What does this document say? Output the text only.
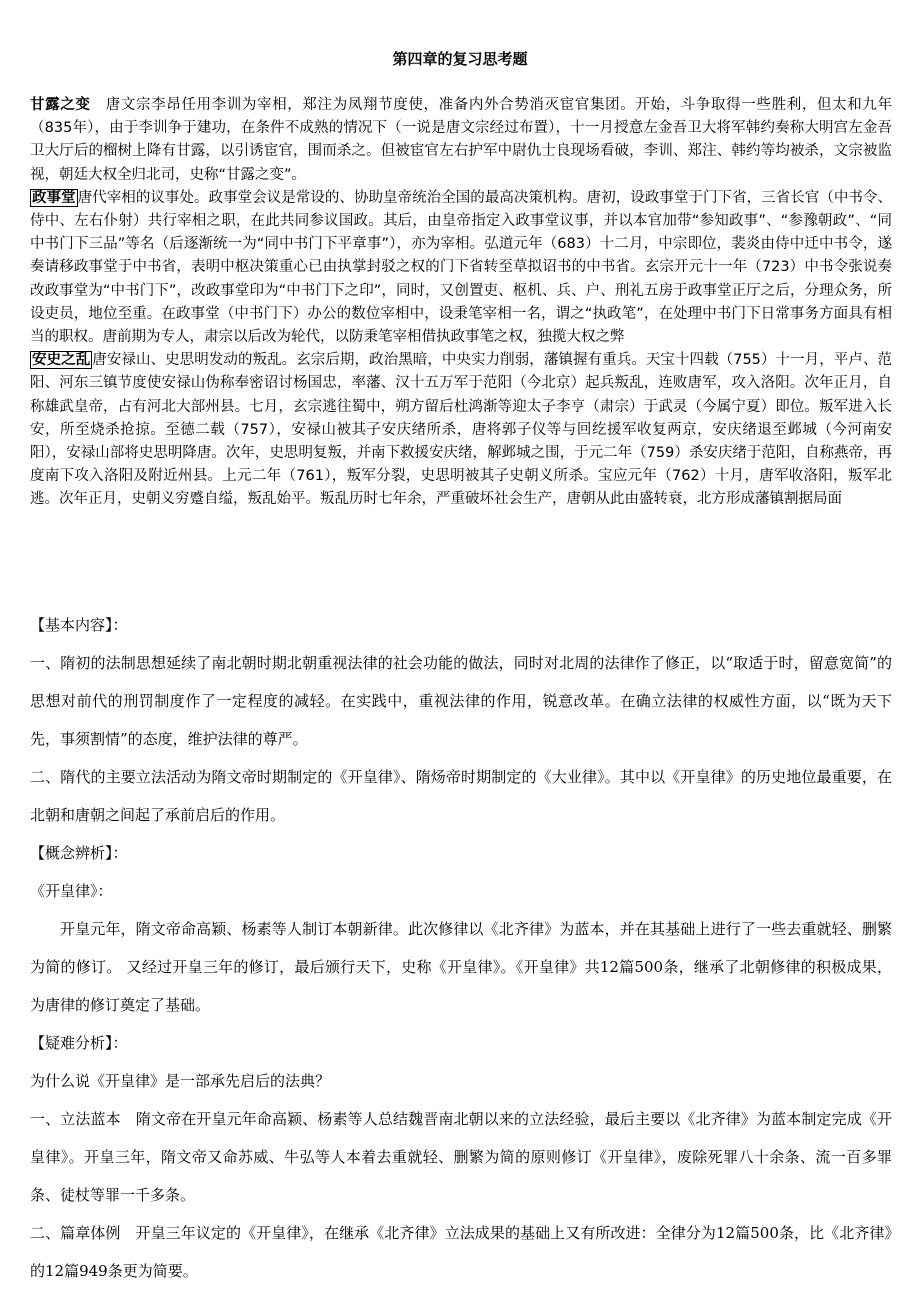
第四章的复习思考题

甘露之变　 唐文宗李昂任用李训为宰相，郑注为凤翔节度使，准备内外合势消灭宦官集团。开始，斗争取得一些胜利，但太和九年（835年），由于李训争于建功，在条件不成熟的情况下（一说是唐文宗经过布置），十一月授意左金吾卫大将军韩约奏称大明宫左金吾卫大厅后的榴树上降有甘露，以引诱宦官，围而杀之。但被宦官左右护军中尉仇士良现场看破，李训、郑注、韩约等均被杀，文宗被监视，朝廷大权全归北司，史称“甘露之变”。

政事堂 唐代宰相的议事处。政事堂会议是常设的、协助皇帝统治全国的最高决策机构。唐初，设政事堂于门下省，三省长官（中书令、侍中、左右仆射）共行宰相之职，在此共同参议国政。其后，由皇帝指定入政事堂议事，并以本官加带“参知政事”、“参豫朝政”、“同中书门下三品”等名（后逐渐统一为“同中书门下平章事”），亦为宰相。弘道元年（683）十二月，中宗即位，裴炎由侍中迁中书令，遂奏请移政事堂于中书省，表明中枢决策重心已由执掌封驳之权的门下省转至草拟诏书的中书省。玄宗开元十一年（723）中书令张说奏改政事堂为“中书门下”，改政事堂印为“中书门下之印”，同时，又创置吏、枢机、兵、户、刑礼五房于政事堂正厅之后，分理众务，所设吏员，地位至重。在政事堂（中书门下）办公的数位宰相中，设秉笔宰相一名，谓之“执政笔”，在处理中书门下日常事务方面具有相当的职权。唐前期为专人，肃宗以后改为轮代，以防秉笔宰相借执政事笔之权，独揽大权之弊

安史之乱 唐安禄山、史思明发动的叛乱。玄宗后期，政治黑暗，中央实力削弱，藩镇握有重兵。天宝十四载（755）十一月，平卢、范阳、河东三镇节度使安禄山伪称奉密诏讨杨国忠，率藩、汉十五万军于范阳（今北京）起兵叛乱，连败唐军，攻入洛阳。次年正月，自称雄武皇帝，占有河北大部州县。七月，玄宗逃往蜀中，朔方留后杜鸿渐等迎太子李亨（肃宗）于武灵（今属宁夏）即位。叛军进入长安，所至烧杀抢掠。至德二载（757），安禄山被其子安庆绪所杀，唐将郭子仪等与回纥援军收复两京，安庆绪退至邺城（今河南安阳），安禄山部将史思明降唐。次年，史思明复叛，并南下救援安庆绪，解邺城之围，于元二年（759）杀安庆绪于范阳，自称燕帝，再度南下攻入洛阳及附近州县。上元二年（761），叛军分裂，史思明被其子史朝义所杀。宝应元年（762）十月，唐军收洛阳，叛军北逃。次年正月，史朝义穷蹙自缢，叛乱始平。叛乱历时七年余，严重破坏社会生产，唐朝从此由盛转衰，北方形成藩镇割据局面

【基本内容】：

一、隋初的法制思想延续了南北朝时期北朝重视法律的社会功能的做法，同时对北周的法律作了修正，以“取适于时，留意宽简”的思想对前代的刑罚制度作了一定程度的减轻。在实践中，重视法律的作用，锐意改革。在确立法律的权威性方面，以“既为天下先，事须割情”的态度，维护法律的尊严。

二、隋代的主要立法活动为隋文帝时期制定的《开皇律》、隋炀帝时期制定的《大业律》。其中以《开皇律》的历史地位最重要，在北朝和唐朝之间起了承前启后的作用。

【概念辨析】：

《开皇律》：

开皇元年，隋文帝命高颖、杨素等人制订本朝新律。此次修律以《北齐律》为蓝本，并在其基础上进行了一些去重就轻、删繁为简的修订。 又经过开皇三年的修订，最后颁行天下，史称《开皇律》。《开皇律》共12篇500条，继承了北朝修律的积极成果，为唐律的修订奠定了基础。

【疑难分析】：

为什么说《开皇律》是一部承先启后的法典？

一、立法蓝本　隋文帝在开皇元年命高颖、杨素等人总结魏晋南北朝以来的立法经验，最后主要以《北齐律》为蓝本制定完成《开皇律》。开皇三年，隋文帝又命苏威、牛弘等人本着去重就轻、删繁为简的原则修订《开皇律》，废除死罪八十余条、流一百多罪条、徒杖等罪一千多条。

二、篇章体例　开皇三年议定的《开皇律》，在继承《北齐律》立法成果的基础上又有所改进：全律分为12篇500条，比《北齐律》的12篇949条更为简要。
